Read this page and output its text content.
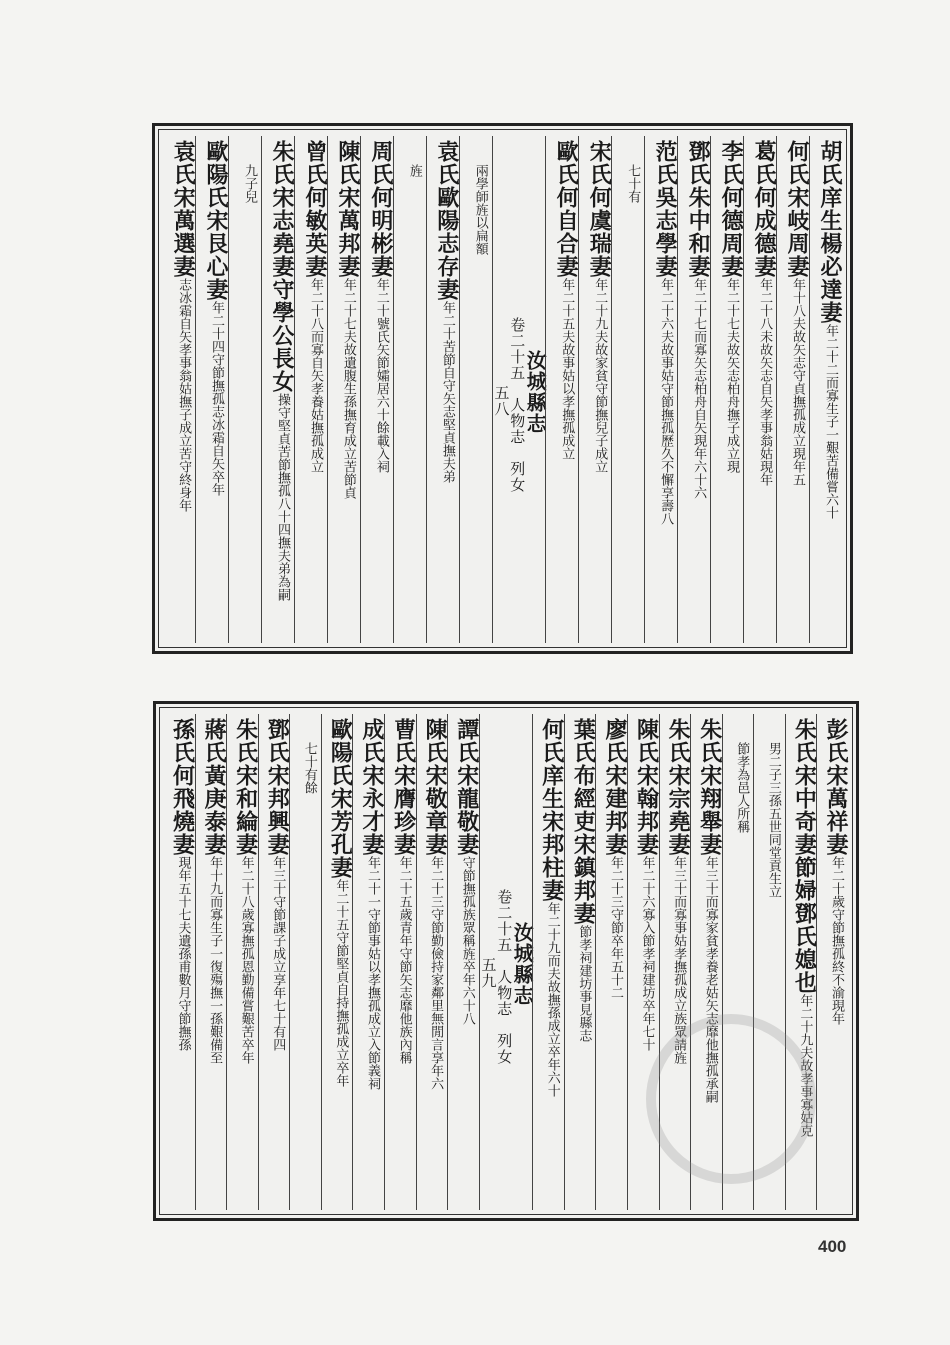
胡氏庠生楊必達妻年二十二而寡生子一艱苦備嘗六十
何氏宋岐周妻年十八夫故矢志守貞撫孤成立現年五
葛氏何成德妻年二十八未故矢志自矢孝事翁姑現年
李氏何德周妻年二十七夫故矢志柏舟撫子成立現
鄧氏朱中和妻年二十七而寡矢志柏舟自矢現年六十六
范氏吳志學妻年二十六夫故事姑守節撫孤歷久不懈享壽八
七十有
宋氏何虞瑞妻年二十九夫故家貧守節撫兒子成立
歐氏何自合妻年二十五夫故事姑以孝撫孤成立
汝城縣志
卷二十五　人物志　列女
五八
兩學師旌以扁額
袁氏歐陽志存妻年二十苦節自守矢志堅貞撫夫弟
旌
周氏何明彬妻年二十號氏矢節孀居六十餘載入祠
陳氏宋萬邦妻年二十七夫故遺腹生孫撫育成立苦節貞
曾氏何敏英妻年二十八而寡自矢孝養姑撫孤成立
朱氏宋志堯妻守學公長女操守堅貞苦節撫孤八十四撫夫弟為嗣
九子兒
歐陽氏宋艮心妻年二十四守節撫孤志冰霜自矢卒年
袁氏宋萬選妻志冰霜自矢孝事翁姑撫子成立苦守終身年
彭氏宋萬祥妻年二十歲守節撫孤終不渝現年
朱氏宋中奇妻節婦鄧氏媳也年二十九夫故孝事寡姑克
男二子三孫五世同堂貢生立
節孝為邑人所稱
朱氏宋翔舉妻年三十而寡家貧孝養老姑矢志靡他撫孤承嗣
朱氏宋宗堯妻年三十而寡事姑孝撫孤成立族眾請旌
陳氏宋翰邦妻年二十六寡入節孝祠建坊卒年七十
廖氏宋建邦妻年二十三守節卒年五十二
葉氏布經吏宋鎮邦妻節孝祠建坊事見縣志
何氏庠生宋邦柱妻年二十九而夫故撫孫成立卒年六十
汝城縣志
卷二十五　人物志　列女
五九
譚氏宋龍敬妻守節撫孤族眾稱旌卒年六十八
陳氏宋敬章妻年二十三守節勤儉持家鄰里無閒言享年六
曹氏宋膺珍妻年二十五歲青年守節矢志靡他族內稱
成氏宋永才妻年二十一守節事姑以孝撫孤成立入節義祠
歐陽氏宋芳孔妻年二十五守節堅貞自持撫孤成立卒年
七十有餘
鄧氏宋邦興妻年三十守節課子成立享年七十有四
朱氏宋和綸妻年二十八歲寡撫孤恩勤備嘗艱苦卒年
蔣氏黃庚泰妻年十九而寡生子一復殤撫一孫艱備至
孫氏何飛燒妻現年五十七夫遺孫甫數月守節撫孫
400
